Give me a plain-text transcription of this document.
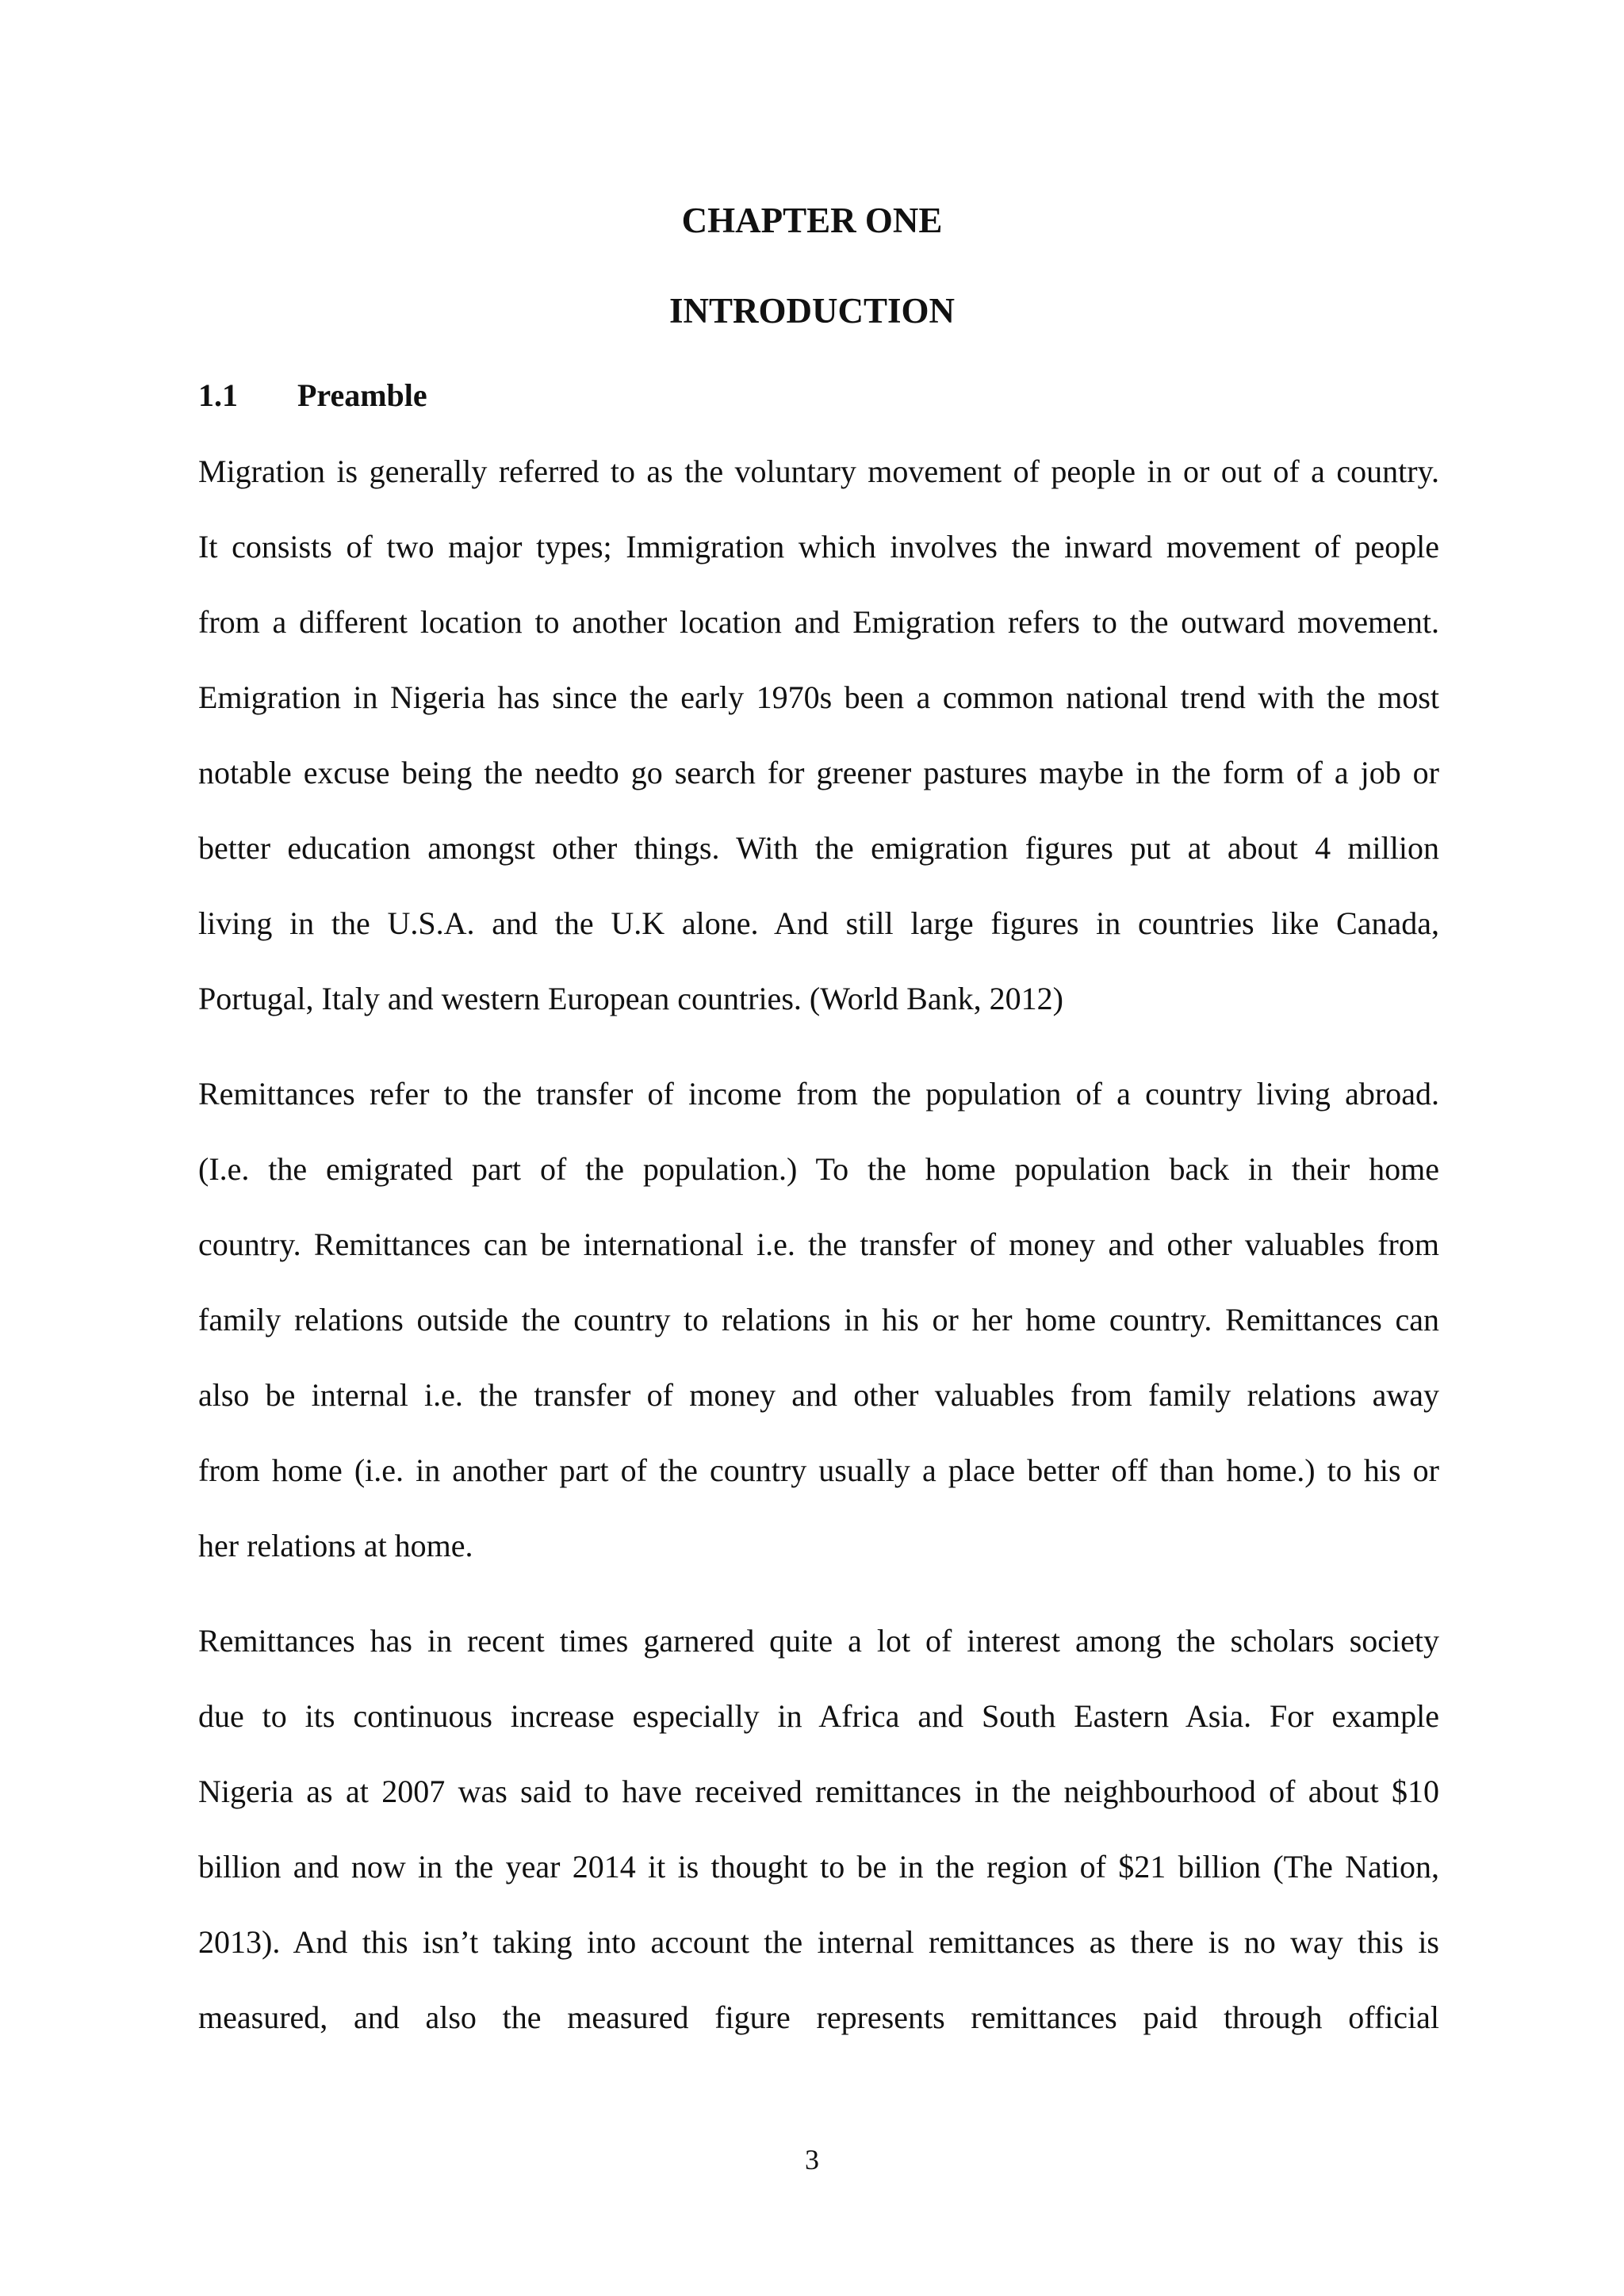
CHAPTER ONE
INTRODUCTION
1.1 Preamble
Migration is generally referred to as the voluntary movement of people in or out of a country.
It consists of two major types; Immigration which involves the inward movement of people
from a different location to another location and Emigration refers to the outward movement.
Emigration in Nigeria has since the early 1970s been a common national trend with the most
notable excuse being the needto go search for greener pastures maybe in the form of a job or
better education amongst other things. With the emigration figures put at about 4 million
living in the U.S.A. and the U.K alone. And still large figures in countries like Canada,
Portugal, Italy and western European countries. (World Bank, 2012)
Remittances refer to the transfer of income from the population of a country living abroad.
(I.e. the emigrated part of the population.) To the home population back in their home
country. Remittances can be international i.e. the transfer of money and other valuables from
family relations outside the country to relations in his or her home country. Remittances can
also be internal i.e. the transfer of money and other valuables from family relations away
from home (i.e. in another part of the country usually a place better off than home.) to his or
her relations at home.
Remittances has in recent times garnered quite a lot of interest among the scholars society
due to its continuous increase especially in Africa and South Eastern Asia. For example
Nigeria as at 2007 was said to have received remittances in the neighbourhood of about $10
billion and now in the year 2014 it is thought to be in the region of $21 billion (The Nation,
2013). And this isn’t taking into account the internal remittances as there is no way this is
measured, and also the measured figure represents remittances paid through official
3
